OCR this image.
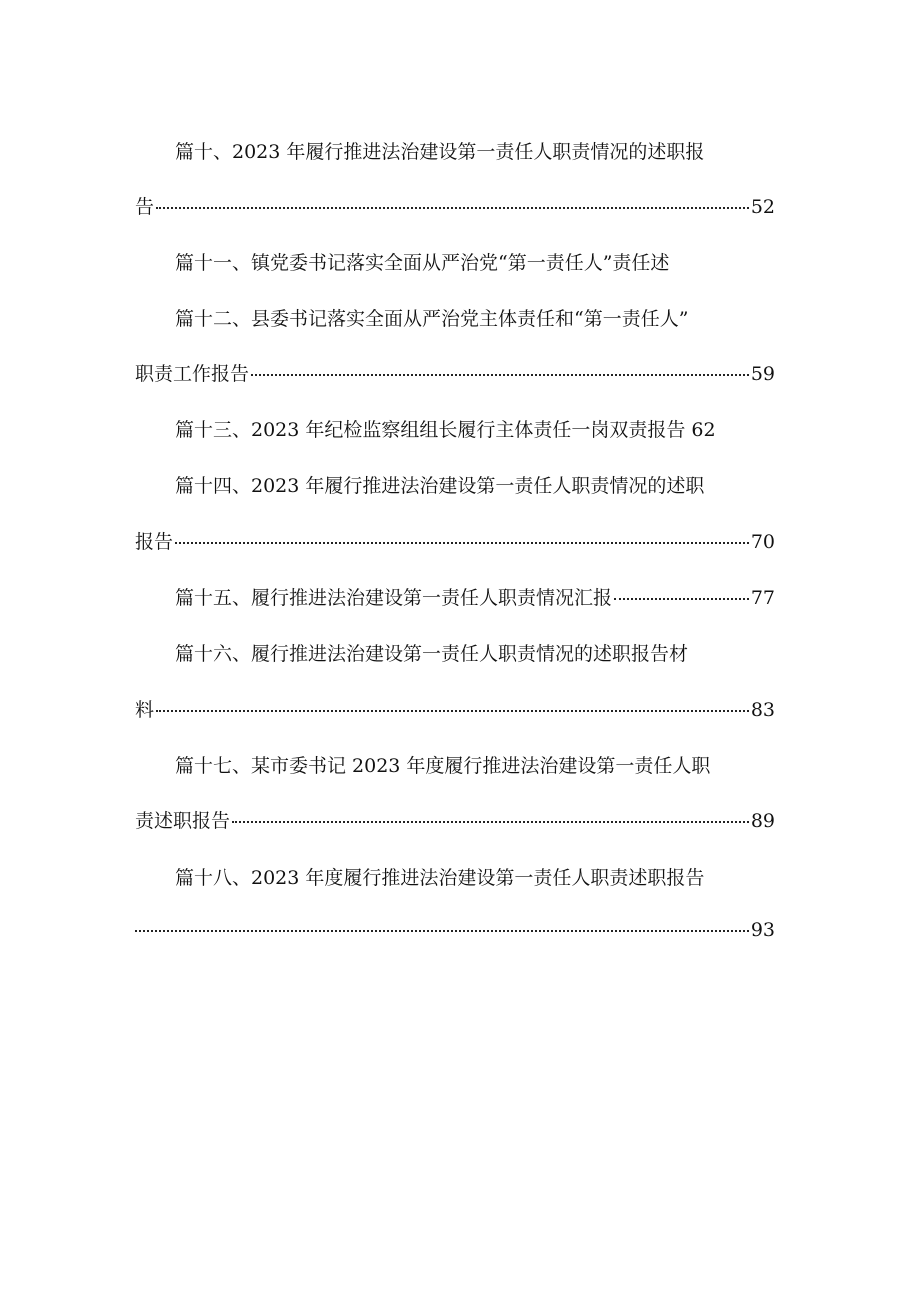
篇十、2023 年履行推进法治建设第一责任人职责情况的述职报
告	52
篇十一、镇党委书记落实全面从严治党“第一责任人”责任述
篇十二、县委书记落实全面从严治党主体责任和“第一责任人”
职责工作报告	59
篇十三、2023 年纪检监察组组长履行主体责任一岗双责报告 62
篇十四、2023 年履行推进法治建设第一责任人职责情况的述职
报告	70
篇十五、履行推进法治建设第一责任人职责情况汇报	77
篇十六、履行推进法治建设第一责任人职责情况的述职报告材
料	83
篇十七、某市委书记 2023 年度履行推进法治建设第一责任人职
责述职报告	89
篇十八、2023 年度履行推进法治建设第一责任人职责述职报告
93
